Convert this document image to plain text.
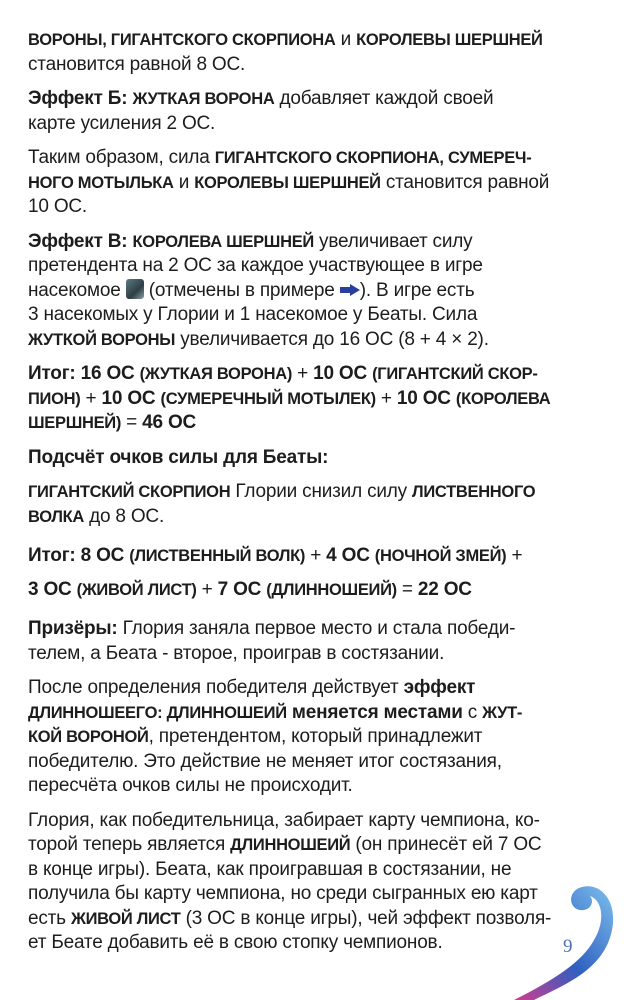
ВОРОНЫ, ГИГАНТСКОГО СКОРПИОНА и КОРОЛЕВЫ ШЕРШНЕЙ
становится равной 8 ОС.

Эффект Б: ЖУТКАЯ ВОРОНА добавляет каждой своей
карте усиления 2 ОС.

Таким образом, сила ГИГАНТСКОГО СКОРПИОНА, СУМЕРЕЧ-
НОГО МОТЫЛЬКА и КОРОЛЕВЫ ШЕРШНЕЙ становится равной
10 ОС.

Эффект В: КОРОЛЕВА ШЕРШНЕЙ увеличивает силу
претендента на 2 ОС за каждое участвующее в игре
насекомое  (отмечены в примере ). В игре есть
3 насекомых у Глории и 1 насекомое у Беаты. Сила
ЖУТКОЙ ВОРОНЫ увеличивается до 16 ОС (8 + 4 × 2).

Итог: 16 ОС (ЖУТКАЯ ВОРОНА) + 10 ОС (ГИГАНТСКИЙ СКОР-
ПИОН) + 10 ОС (СУМЕРЕЧНЫЙ МОТЫЛЕК) + 10 ОС (КОРОЛЕВА
ШЕРШНЕЙ) = 46 ОС

Подсчёт очков силы для Беаты:

ГИГАНТСКИЙ СКОРПИОН Глории снизил силу ЛИСТВЕННОГО
ВОЛКА до 8 ОС.

Итог: 8 ОС (ЛИСТВЕННЫЙ ВОЛК) + 4 ОС (НОЧНОЙ ЗМЕЙ) +
3 ОС (ЖИВОЙ ЛИСТ) + 7 ОС (ДЛИННОШЕИЙ) = 22 ОС

Призёры: Глория заняла первое место и стала победи-
телем, а Беата - второе, проиграв в состязании.

После определения победителя действует эффект
ДЛИННОШЕЕГО: ДЛИННОШЕИЙ меняется местами с ЖУТ-
КОЙ ВОРОНОЙ, претендентом, который принадлежит
победителю. Это действие не меняет итог состязания,
пересчёта очков силы не происходит.

Глория, как победительница, забирает карту чемпиона, ко-
торой теперь является ДЛИННОШЕИЙ (он принесёт ей 7 ОС
в конце игры). Беата, как проигравшая в состязании, не
получила бы карту чемпиона, но среди сыгранных ею карт
есть ЖИВОЙ ЛИСТ (3 ОС в конце игры), чей эффект позволя-
ет Беате добавить её в свою стопку чемпионов.	9
